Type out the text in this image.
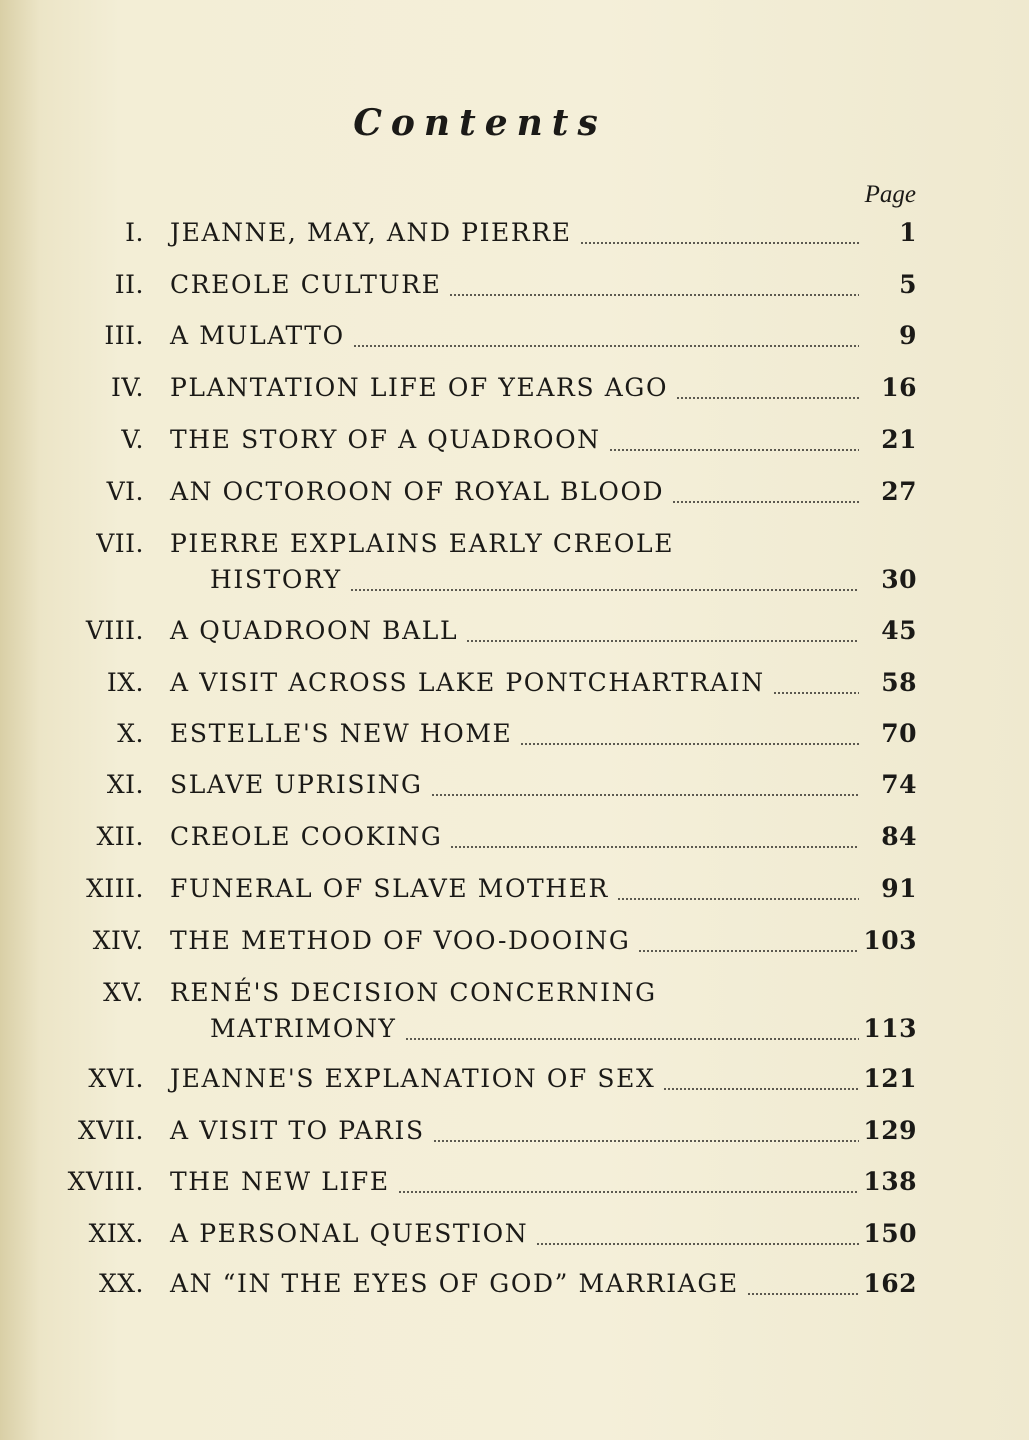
Contents
Page
I. JEANNE, MAY, AND PIERRE	1
II. CREOLE CULTURE	5
III. A MULATTO	9
IV. PLANTATION LIFE OF YEARS AGO	16
V. THE STORY OF A QUADROON	21
VI. AN OCTOROON OF ROYAL BLOOD	27
VII. PIERRE EXPLAINS EARLY CREOLE
HISTORY	30
VIII. A QUADROON BALL	45
IX. A VISIT ACROSS LAKE PONTCHARTRAIN	58
X. ESTELLE'S NEW HOME	70
XI. SLAVE UPRISING	74
XII. CREOLE COOKING	84
XIII. FUNERAL OF SLAVE MOTHER	91
XIV. THE METHOD OF VOO-DOOING	103
XV. RENÉ'S DECISION CONCERNING
MATRIMONY	113
XVI. JEANNE'S EXPLANATION OF SEX	121
XVII. A VISIT TO PARIS	129
XVIII. THE NEW LIFE	138
XIX. A PERSONAL QUESTION	150
XX. AN “IN THE EYES OF GOD” MARRIAGE	162
